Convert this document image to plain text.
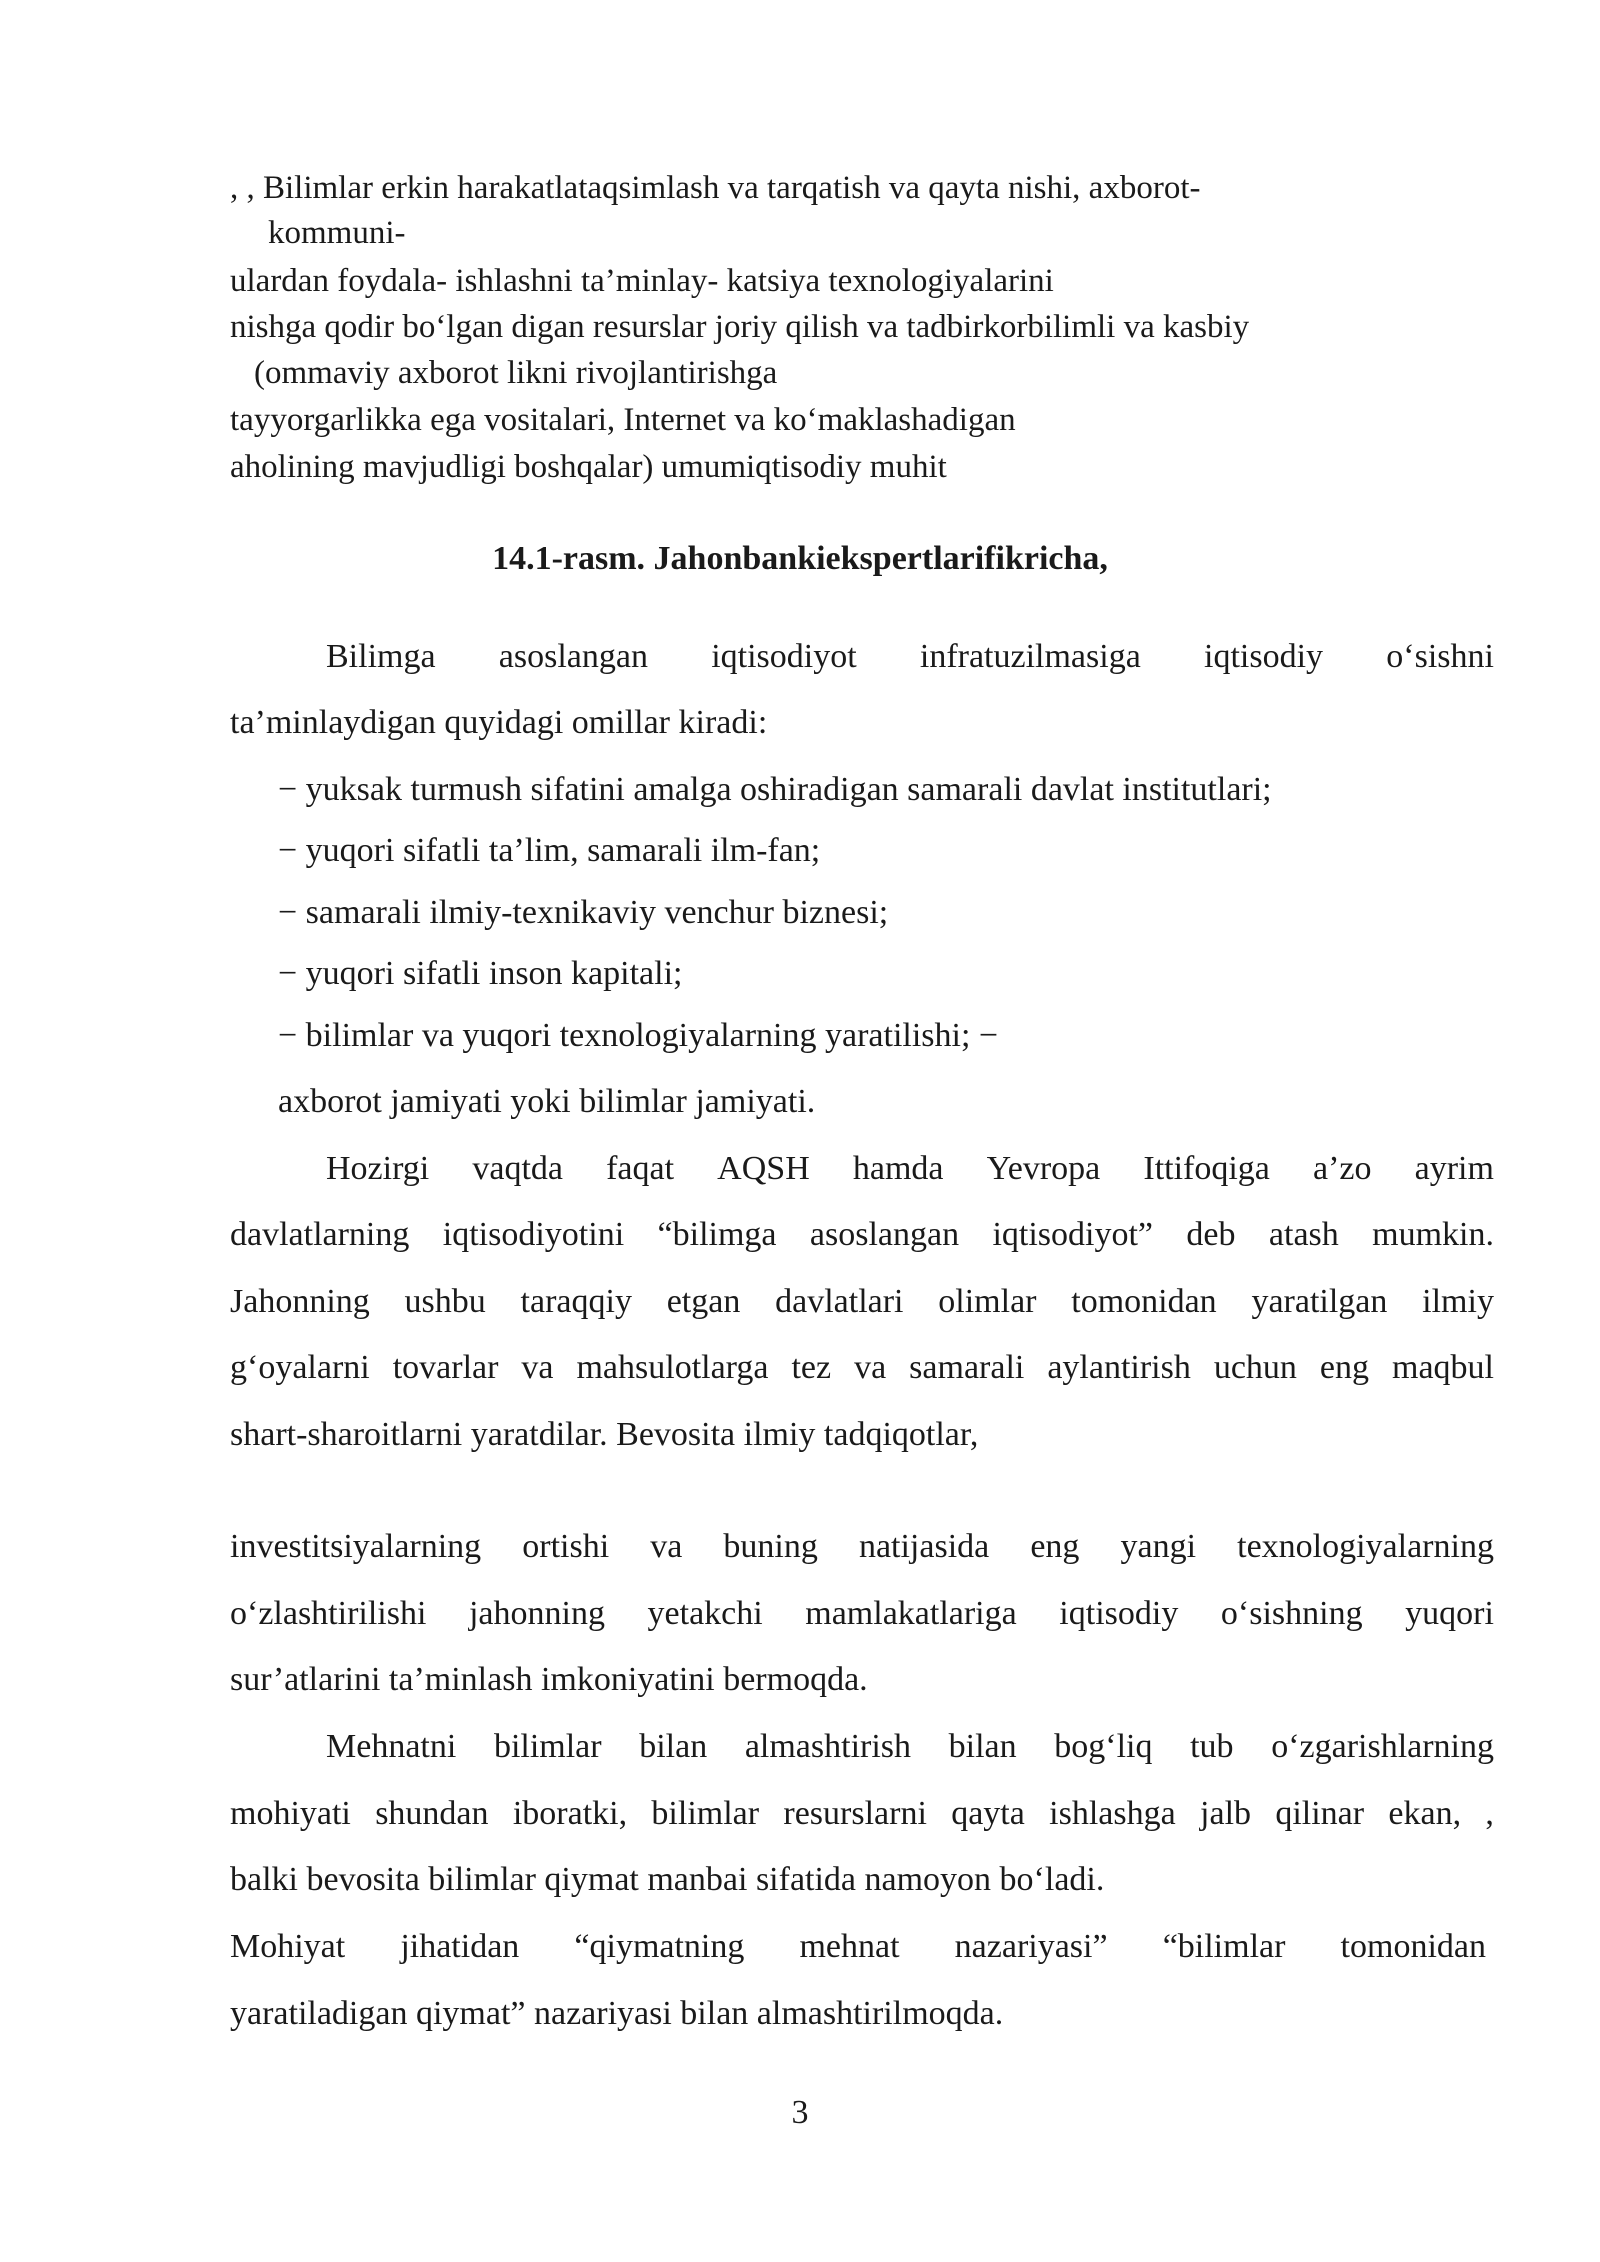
, , Bilimlar erkin harakatlataqsimlash va tarqatish va qayta nishi, axborot-

kommuni-

ulardan foydala- ishlashni ta’minlay- katsiya texnologiyalarini

nishga qodir bo‘lgan digan resurslar joriy qilish va tadbirkorbilimli va kasbiy

(ommaviy axborot likni rivojlantirishga

tayyorgarlikka ega vositalari, Internet va ko‘maklashadigan

aholining mavjudligi boshqalar) umumiqtisodiy muhit

14.1-rasm. Jahonbankiekspertlarifikricha,

Bilimga asoslangan iqtisodiyot infratuzilmasiga iqtisodiy o‘sishni

ta’minlaydigan quyidagi omillar kiradi:

− yuksak turmush sifatini amalga oshiradigan samarali davlat institutlari;

− yuqori sifatli ta’lim, samarali ilm-fan;

− samarali ilmiy-texnikaviy venchur biznesi;

− yuqori sifatli inson kapitali;

− bilimlar va yuqori texnologiyalarning yaratilishi; −

axborot jamiyati yoki bilimlar jamiyati.

Hozirgi vaqtda faqat AQSH hamda Yevropa Ittifoqiga a’zo ayrim
davlatlarning iqtisodiyotini “bilimga asoslangan iqtisodiyot” deb atash mumkin.
Jahonning ushbu taraqqiy etgan davlatlari olimlar tomonidan yaratilgan ilmiy
g‘oyalarni tovarlar va mahsulotlarga tez va samarali aylantirish uchun eng maqbul

shart-sharoitlarni yaratdilar. Bevosita ilmiy tadqiqotlar,

investitsiyalarning ortishi va buning natijasida eng yangi texnologiyalarning
o‘zlashtirilishi jahonning yetakchi mamlakatlariga iqtisodiy o‘sishning yuqori

sur’atlarini ta’minlash imkoniyatini bermoqda.

Mehnatni bilimlar bilan almashtirish bilan bog‘liq tub o‘zgarishlarning
mohiyati shundan iboratki, bilimlar resurslarni qayta ishlashga jalb qilinar ekan, ,

balki bevosita bilimlar qiymat manbai sifatida namoyon bo‘ladi.

Mohiyat jihatidan “qiymatning mehnat nazariyasi” “bilimlar tomonidan

yaratiladigan qiymat” nazariyasi bilan almashtirilmoqda.

3
